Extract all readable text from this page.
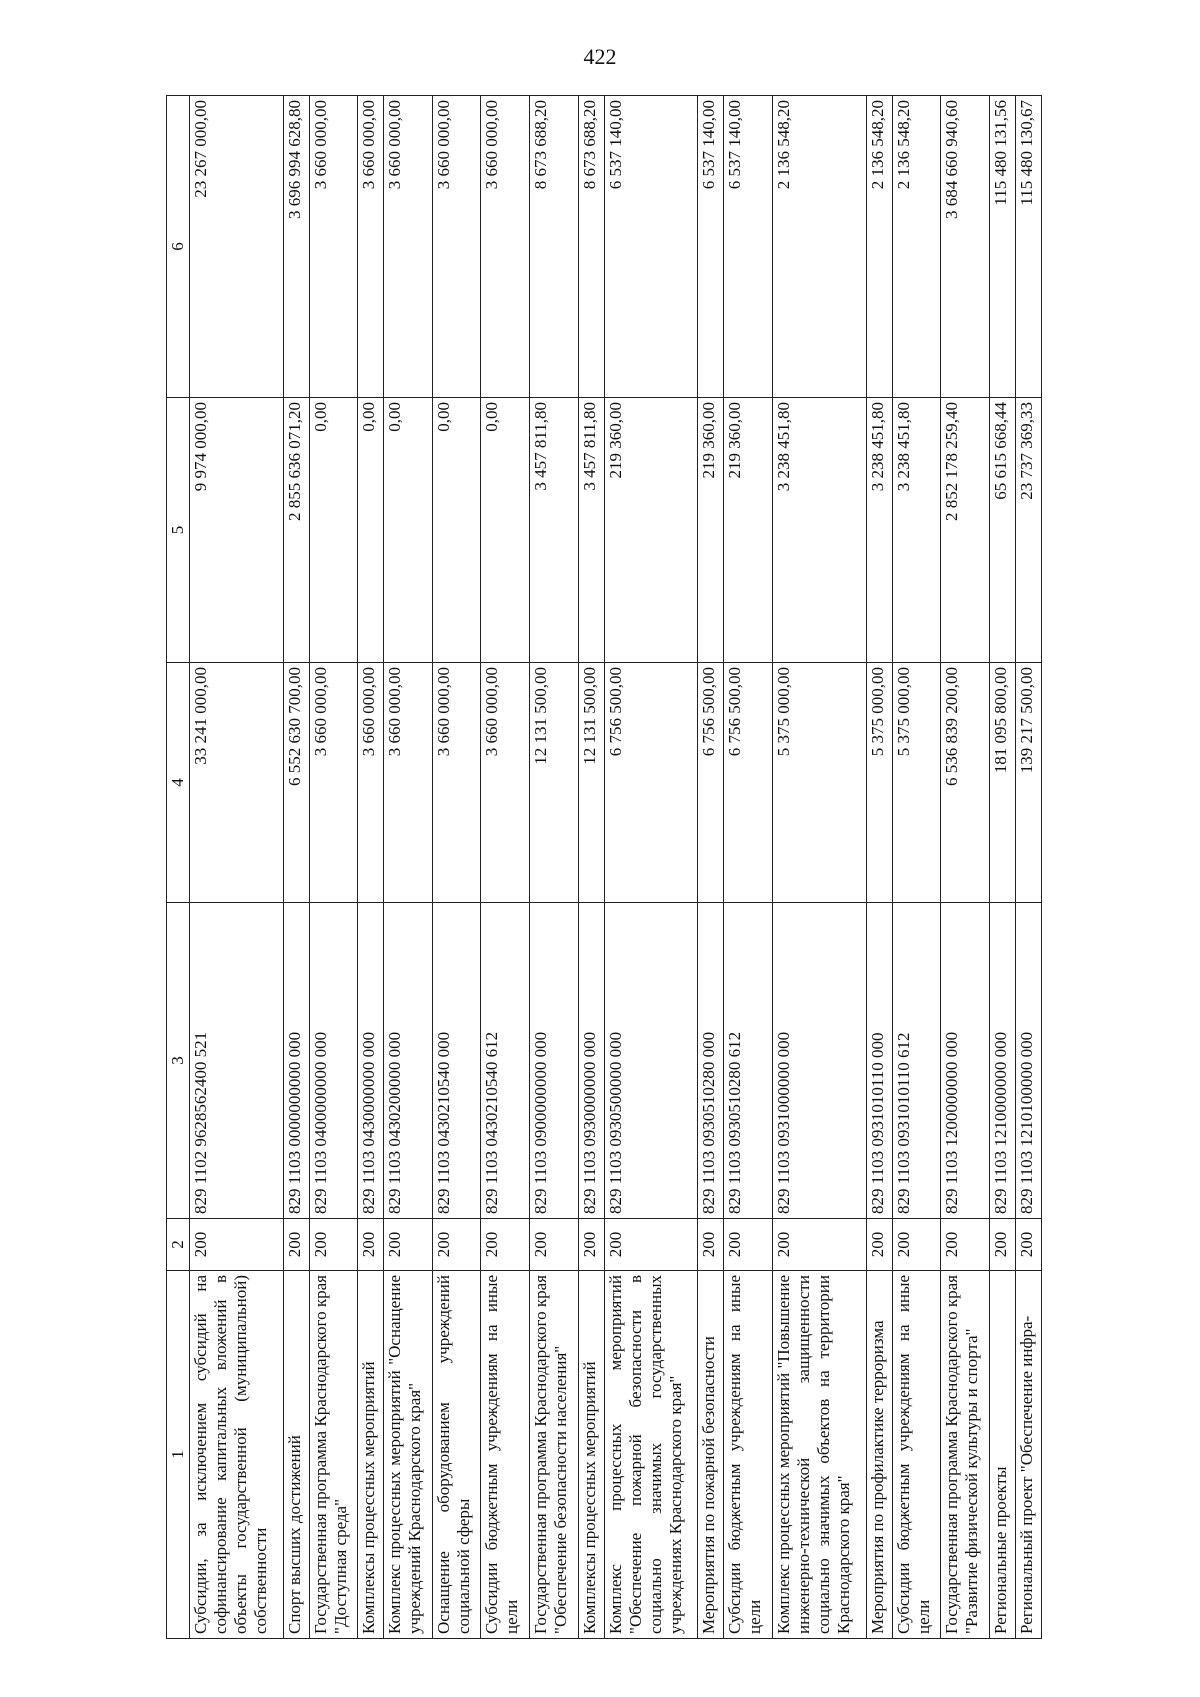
422
1	2	3	4	5	6
Субсидии, за исключением субсидий на софинансирование капитальных вложений в объекты государственной (муниципальной) собственности	200	829 1102 9628562400 521	33 241 000,00	9 974 000,00	23 267 000,00
Спорт высших достижений	200	829 1103 0000000000 000	6 552 630 700,00	2 855 636 071,20	3 696 994 628,80
Государственная программа Краснодарского края "Доступная среда"	200	829 1103 0400000000 000	3 660 000,00	0,00	3 660 000,00
Комплексы процессных мероприятий	200	829 1103 0430000000 000	3 660 000,00	0,00	3 660 000,00
Комплекс процессных мероприятий "Оснащение учреждений Краснодарского края"	200	829 1103 0430200000 000	3 660 000,00	0,00	3 660 000,00
Оснащение оборудованием учреждений социальной сферы	200	829 1103 0430210540 000	3 660 000,00	0,00	3 660 000,00
Субсидии бюджетным учреждениям на иные цели	200	829 1103 0430210540 612	3 660 000,00	0,00	3 660 000,00
Государственная программа Краснодарского края "Обеспечение безопасности населения"	200	829 1103 0900000000 000	12 131 500,00	3 457 811,80	8 673 688,20
Комплексы процессных мероприятий	200	829 1103 0930000000 000	12 131 500,00	3 457 811,80	8 673 688,20
Комплекс процессных мероприятий "Обеспечение пожарной безопасности в социально значимых государственных учреждениях Краснодарского края"	200	829 1103 0930500000 000	6 756 500,00	219 360,00	6 537 140,00
Мероприятия по пожарной безопасности	200	829 1103 0930510280 000	6 756 500,00	219 360,00	6 537 140,00
Субсидии бюджетным учреждениям на иные цели	200	829 1103 0930510280 612	6 756 500,00	219 360,00	6 537 140,00
Комплекс процессных мероприятий "Повышение инженерно-технической защищенности социально значимых объектов на территории Краснодарского края"	200	829 1103 0931000000 000	5 375 000,00	3 238 451,80	2 136 548,20
Мероприятия по профилактике терроризма	200	829 1103 0931010110 000	5 375 000,00	3 238 451,80	2 136 548,20
Субсидии бюджетным учреждениям на иные цели	200	829 1103 0931010110 612	5 375 000,00	3 238 451,80	2 136 548,20
Государственная программа Краснодарского края "Развитие физической культуры и спорта"	200	829 1103 1200000000 000	6 536 839 200,00	2 852 178 259,40	3 684 660 940,60
Региональные проекты	200	829 1103 1210000000 000	181 095 800,00	65 615 668,44	115 480 131,56
Региональный проект "Обеспечение инфра-	200	829 1103 1210100000 000	139 217 500,00	23 737 369,33	115 480 130,67
